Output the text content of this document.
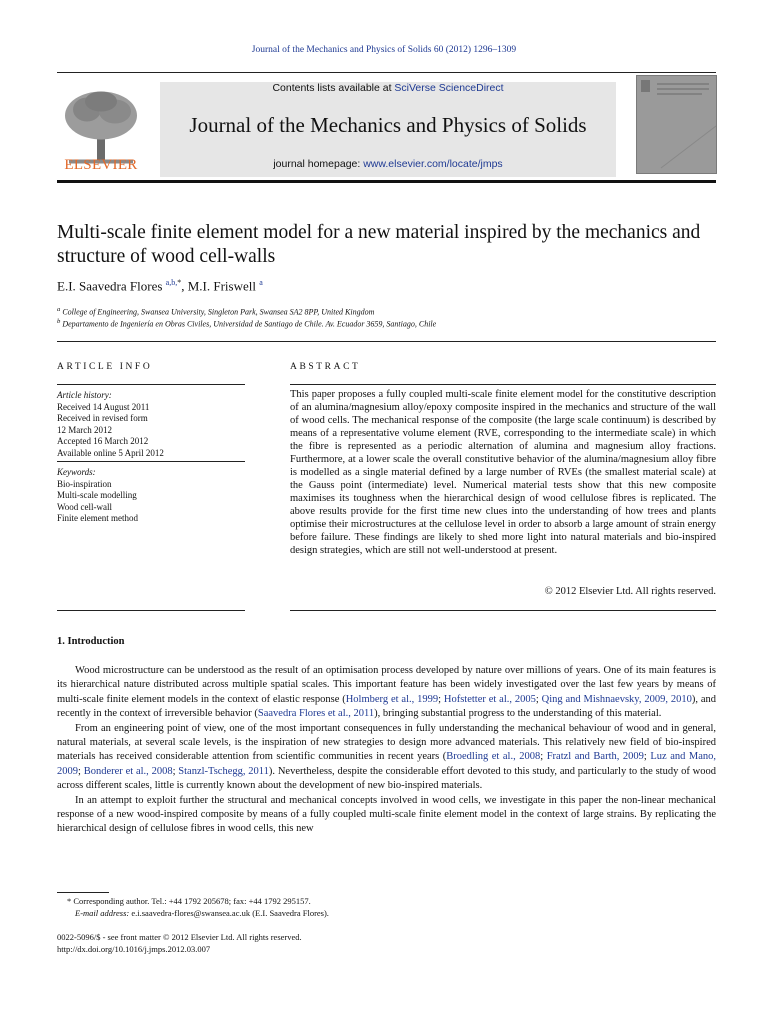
Journal of the Mechanics and Physics of Solids 60 (2012) 1296–1309
ELSEVIER
Contents lists available at SciVerse ScienceDirect
Journal of the Mechanics and Physics of Solids
journal homepage: www.elsevier.com/locate/jmps
Multi-scale finite element model for a new material inspired by the mechanics and structure of wood cell-walls
E.I. Saavedra Flores $^{a,b,*}$, M.I. Friswell $^a$
$^a$ College of Engineering, Swansea University, Singleton Park, Swansea SA2 8PP, United Kingdom
$^b$ Departamento de Ingeniería en Obras Civiles, Universidad de Santiago de Chile. Av. Ecuador 3659, Santiago, Chile
ARTICLE INFO
Article history:
Received 14 August 2011
Received in revised form
12 March 2012
Accepted 16 March 2012
Available online 5 April 2012
Keywords:
Bio-inspiration
Multi-scale modelling
Wood cell-wall
Finite element method
ABSTRACT
This paper proposes a fully coupled multi-scale finite element model for the constitutive description of an alumina/magnesium alloy/epoxy composite inspired in the mechanics and structure of the wall of wood cells. The mechanical response of the composite (the large scale continuum) is described by means of a representative volume element (RVE, corresponding to the intermediate scale) in which the fibre is represented as a periodic alternation of alumina and magnesium alloy fractions. Furthermore, at a lower scale the overall constitutive behavior of the alumina/magnesium alloy fibre is modelled as a single material defined by a large number of RVEs (the smallest material scale) at the Gauss point (intermediate) level. Numerical material tests show that this new composite maximises its toughness when the hierarchical design of wood cellulose fibres is replicated. The above results provide for the first time new clues into the understanding of how trees and plants optimise their microstructures at the cellulose level in order to absorb a large amount of strain energy before failure. These findings are likely to shed more light into natural materials and bio-inspired design strategies, which are still not well-understood at present.
© 2012 Elsevier Ltd. All rights reserved.
1. Introduction

Wood microstructure can be understood as the result of an optimisation process developed by nature over millions of years. One of its main features is its hierarchical nature distributed across multiple spatial scales. This important feature has been widely investigated over the last few years by means of multi-scale finite element models in the context of elastic response (Holmberg et al., 1999; Hofstetter et al., 2005; Qing and Mishnaevsky, 2009, 2010), and recently in the context of irreversible behavior (Saavedra Flores et al., 2011), bringing substantial progress to the understanding of this material.

From an engineering point of view, one of the most important consequences in fully understanding the mechanical behaviour of wood and in general, natural materials, at several scale levels, is the inspiration of new strategies to design more advanced materials. This relatively new field of bio-inspired materials has received considerable attention from scientific communities in recent years (Broedling et al., 2008; Fratzl and Barth, 2009; Luz and Mano, 2009; Bonderer et al., 2008; Stanzl-Tschegg, 2011). Nevertheless, despite the considerable effort devoted to this study, and particularly to the study of wood across different scales, little is currently known about the development of new bio-inspired materials.

In an attempt to exploit further the structural and mechanical concepts involved in wood cells, we investigate in this paper the non-linear mechanical response of a new wood-inspired composite by means of a fully coupled multi-scale finite element model in the context of large strains. By replicating the hierarchical design of cellulose fibres in wood cells, this new

* Corresponding author. Tel.: +44 1792 205678; fax: +44 1792 295157.
E-mail address: e.i.saavedra-flores@swansea.ac.uk (E.I. Saavedra Flores).
0022-5096/$ - see front matter © 2012 Elsevier Ltd. All rights reserved.
http://dx.doi.org/10.1016/j.jmps.2012.03.007
